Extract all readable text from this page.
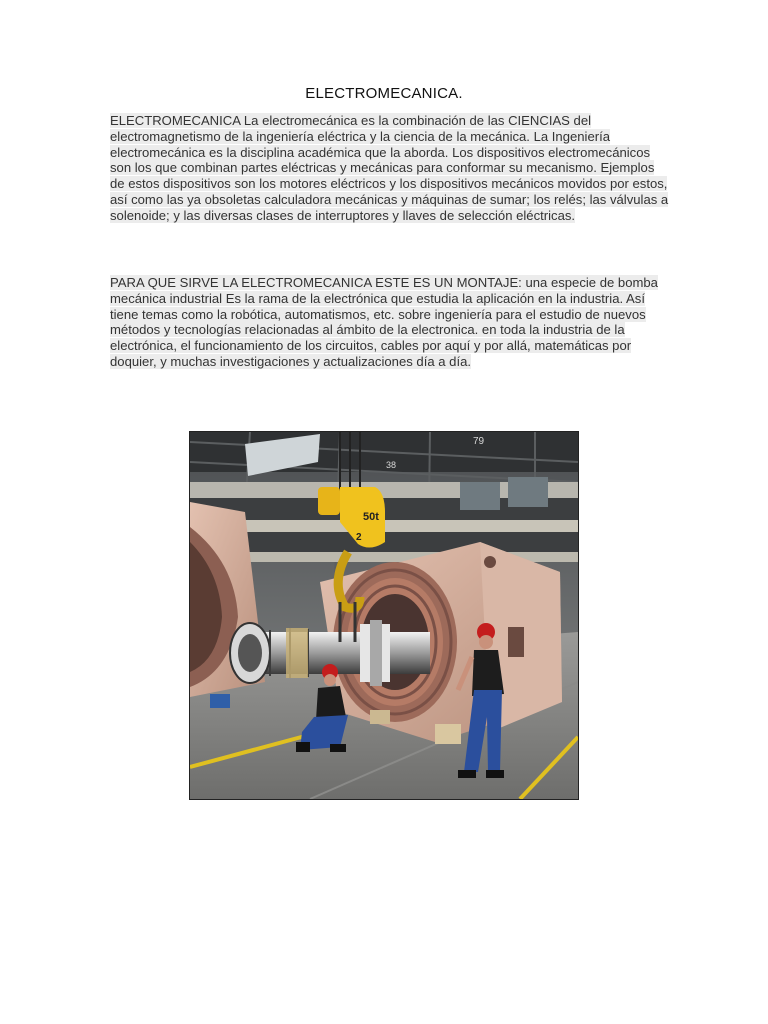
ELECTROMECANICA.

ELECTROMECANICA La electromecánica es la combinación de las CIENCIAS del electromagnetismo de la ingeniería eléctrica y la ciencia de la mecánica. La Ingeniería electromecánica es la disciplina académica que la aborda. Los dispositivos electromecánicos son los que combinan partes eléctricas y mecánicas para conformar su mecanismo. Ejemplos de estos dispositivos son los motores eléctricos y los dispositivos mecánicos movidos por estos, así como las ya obsoletas calculadora mecánicas y máquinas de sumar; los relés; las válvulas a solenoide; y las diversas clases de interruptores y llaves de selección eléctricas.

PARA QUE SIRVE LA ELECTROMECANICA ESTE ES UN MONTAJE: una especie de bomba mecánica industrial Es la rama de la electrónica que estudia la aplicación en la industria. Así tiene temas como la robótica, automatismos, etc. sobre ingeniería para el estudio de nuevos métodos y tecnologías relacionadas al ámbito de la electronica. en toda la industria de la electrónica, el funcionamiento de los circuitos, cables por aquí y por allá, matemáticas por doquier, y muchas investigaciones y actualizaciones día a día.

79
38
50t
2
